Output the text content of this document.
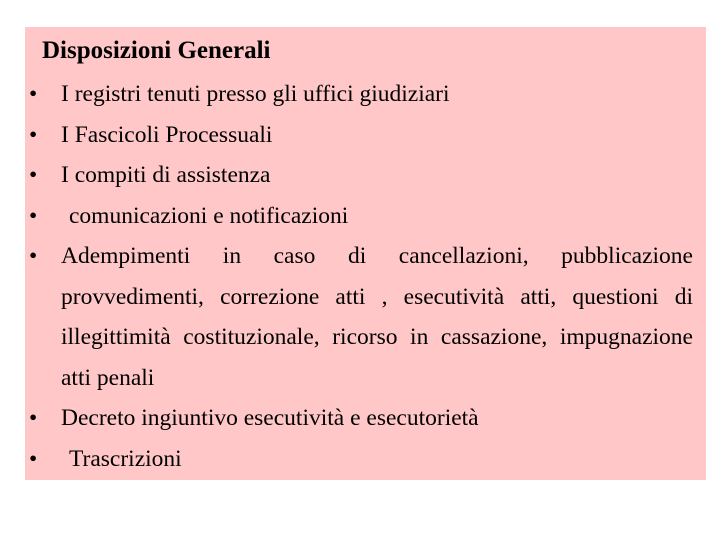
Disposizioni Generali
•	I registri tenuti presso gli uffici giudiziari
•	I Fascicoli Processuali
•	I compiti di assistenza
•	comunicazioni e notificazioni
•	Adempimenti in caso di cancellazioni, pubblicazione provvedimenti, correzione atti , esecutività atti, questioni di illegittimità costituzionale, ricorso in cassazione, impugnazione atti penali
•	Decreto ingiuntivo esecutività e esecutorietà
•	Trascrizioni
